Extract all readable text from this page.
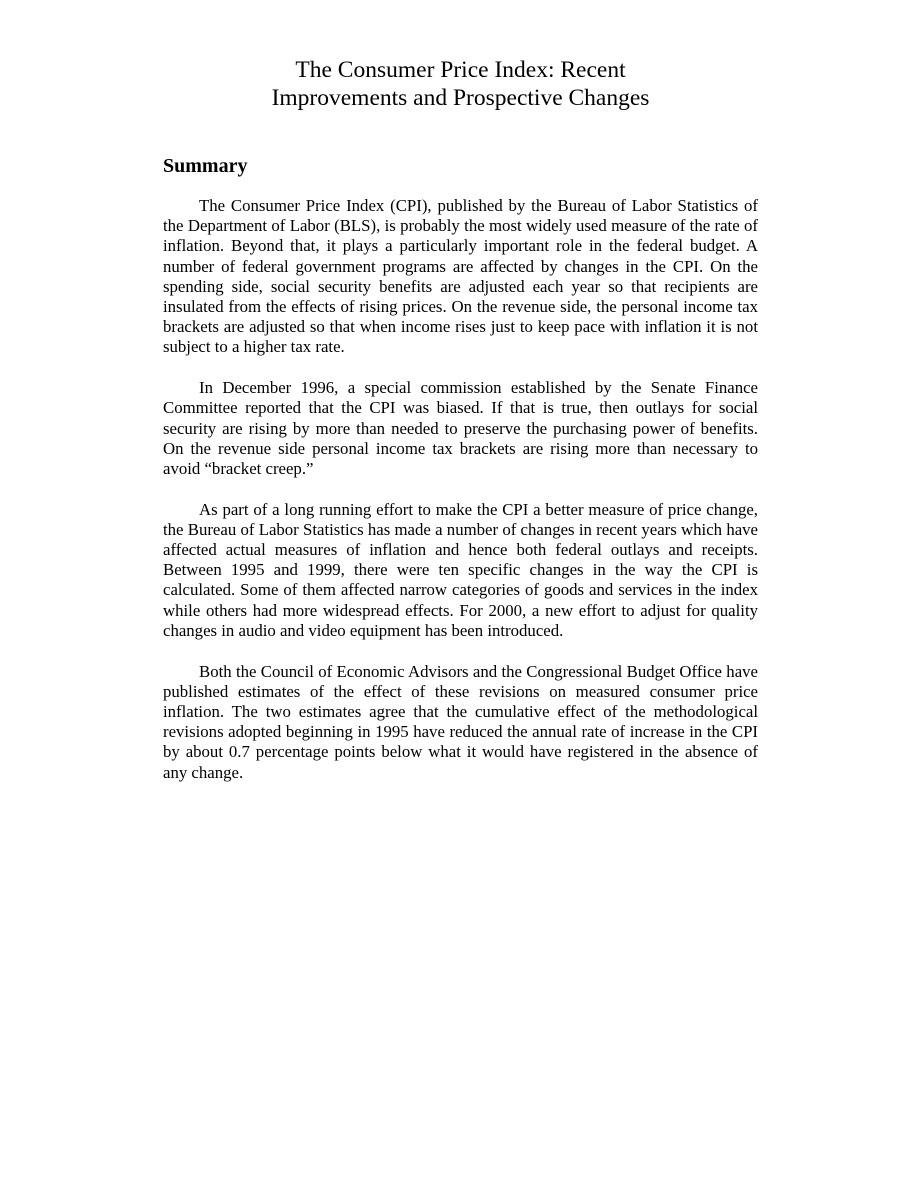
The Consumer Price Index: Recent
Improvements and Prospective Changes
Summary

The Consumer Price Index (CPI), published by the Bureau of Labor Statistics of the Department of Labor (BLS), is probably the most widely used measure of the rate of inflation. Beyond that, it plays a particularly important role in the federal budget. A number of federal government programs are affected by changes in the CPI. On the spending side, social security benefits are adjusted each year so that recipients are insulated from the effects of rising prices. On the revenue side, the personal income tax brackets are adjusted so that when income rises just to keep pace with inflation it is not subject to a higher tax rate.

In December 1996, a special commission established by the Senate Finance Committee reported that the CPI was biased. If that is true, then outlays for social security are rising by more than needed to preserve the purchasing power of benefits. On the revenue side personal income tax brackets are rising more than necessary to avoid “bracket creep.”

As part of a long running effort to make the CPI a better measure of price change, the Bureau of Labor Statistics has made a number of changes in recent years which have affected actual measures of inflation and hence both federal outlays and receipts. Between 1995 and 1999, there were ten specific changes in the way the CPI is calculated. Some of them affected narrow categories of goods and services in the index while others had more widespread effects. For 2000, a new effort to adjust for quality changes in audio and video equipment has been introduced.

Both the Council of Economic Advisors and the Congressional Budget Office have published estimates of the effect of these revisions on measured consumer price inflation. The two estimates agree that the cumulative effect of the methodological revisions adopted beginning in 1995 have reduced the annual rate of increase in the CPI by about 0.7 percentage points below what it would have registered in the absence of any change.
